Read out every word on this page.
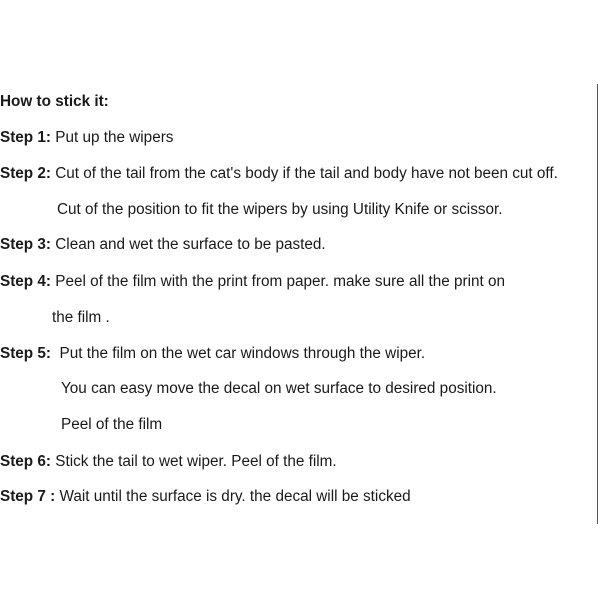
How to stick it:
Step 1: Put up the wipers
Step 2: Cut of the tail from the cat's body if the tail and body have not been cut off.
Cut of the position to fit the wipers by using Utility Knife or scissor.
Step 3: Clean and wet the surface to be pasted.
Step 4: Peel of the film with the print from paper. make sure all the print on
the film .
Step 5:  Put the film on the wet car windows through the wiper.
You can easy move the decal on wet surface to desired position.
Peel of the film
Step 6: Stick the tail to wet wiper. Peel of the film.
Step 7 : Wait until the surface is dry. the decal will be sticked
